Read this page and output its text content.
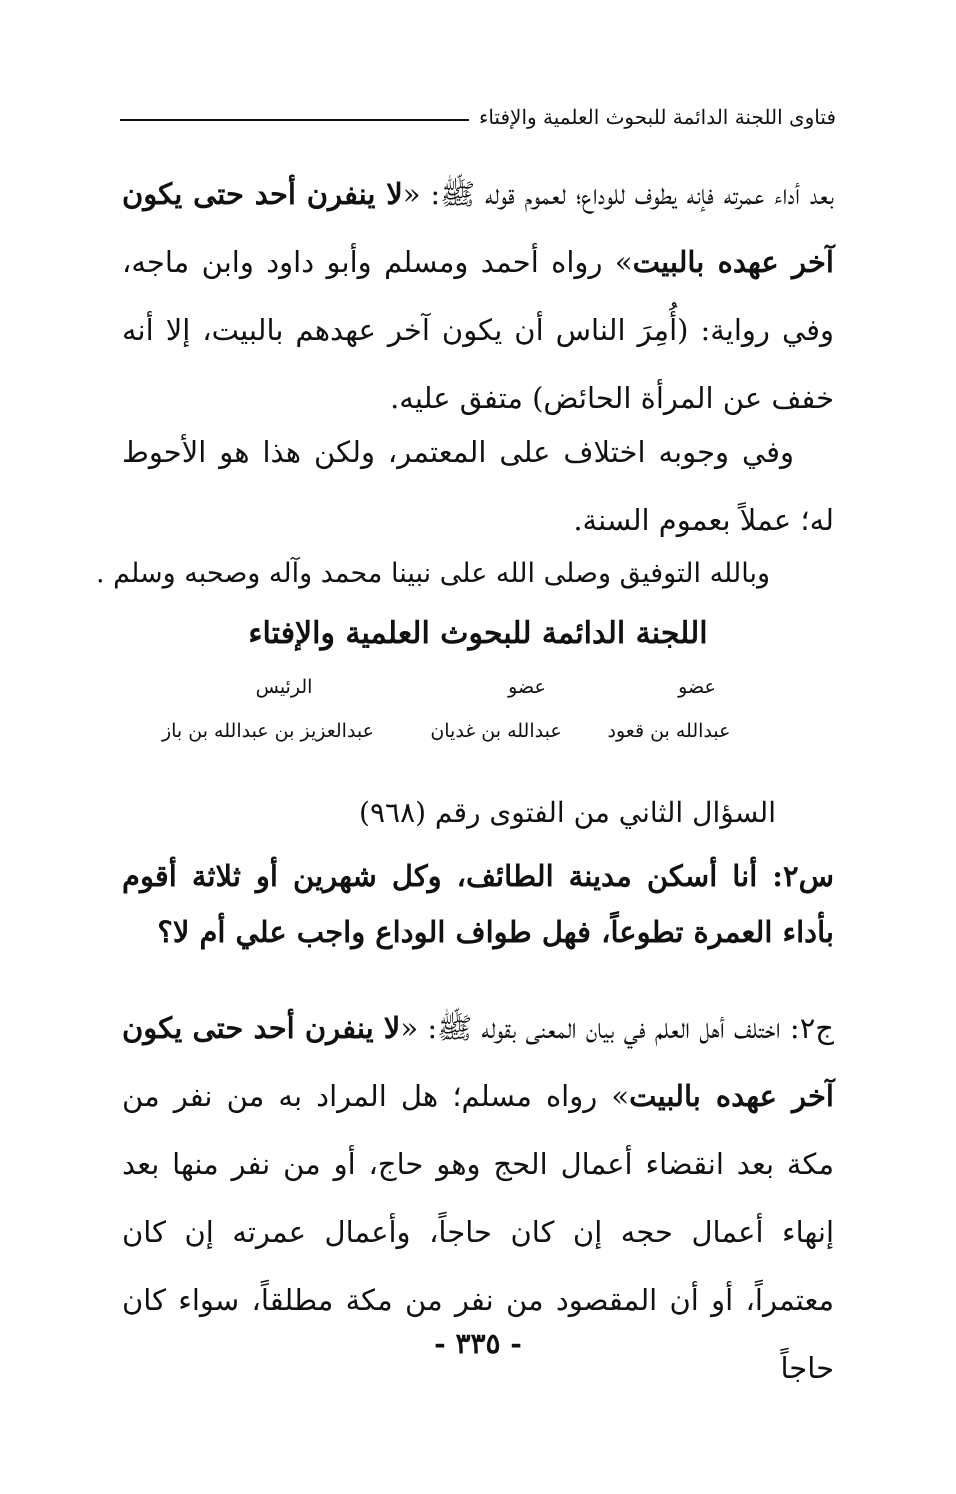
فتاوى اللجنة الدائمة للبحوث العلمية والإفتاء
بعد أداء عمرته فإنه يطوف للوداع؛ لعموم قوله ﷺ: «لا ينفرن أحد حتى يكون آخر عهده بالبيت» رواه أحمد ومسلم وأبو داود وابن ماجه، وفي رواية: (أُمِرَ الناس أن يكون آخر عهدهم بالبيت، إلا أنه خفف عن المرأة الحائض) متفق عليه.
وفي وجوبه اختلاف على المعتمر، ولكن هذا هو الأحوط له؛ عملاً بعموم السنة.
وبالله التوفيق وصلى الله على نبينا محمد وآله وصحبه وسلم .
اللجنة الدائمة للبحوث العلمية والإفتاء
عضو
عبدالله بن قعود
عضو
عبدالله بن غديان
الرئيس
عبدالعزيز بن عبدالله بن باز
السؤال الثاني من الفتوى رقم (٩٦٨)
س٢: أنا أسكن مدينة الطائف، وكل شهرين أو ثلاثة أقوم بأداء العمرة تطوعاً، فهل طواف الوداع واجب علي أم لا؟
ج٢: اختلف أهل العلم في بيان المعنى بقوله ﷺ: «لا ينفرن أحد حتى يكون آخر عهده بالبيت» رواه مسلم؛ هل المراد به من نفر من مكة بعد انقضاء أعمال الحج وهو حاج، أو من نفر منها بعد إنهاء أعمال حجه إن كان حاجاً، وأعمال عمرته إن كان معتمراً، أو أن المقصود من نفر من مكة مطلقاً، سواء كان حاجاً
- ٣٣٥ -
